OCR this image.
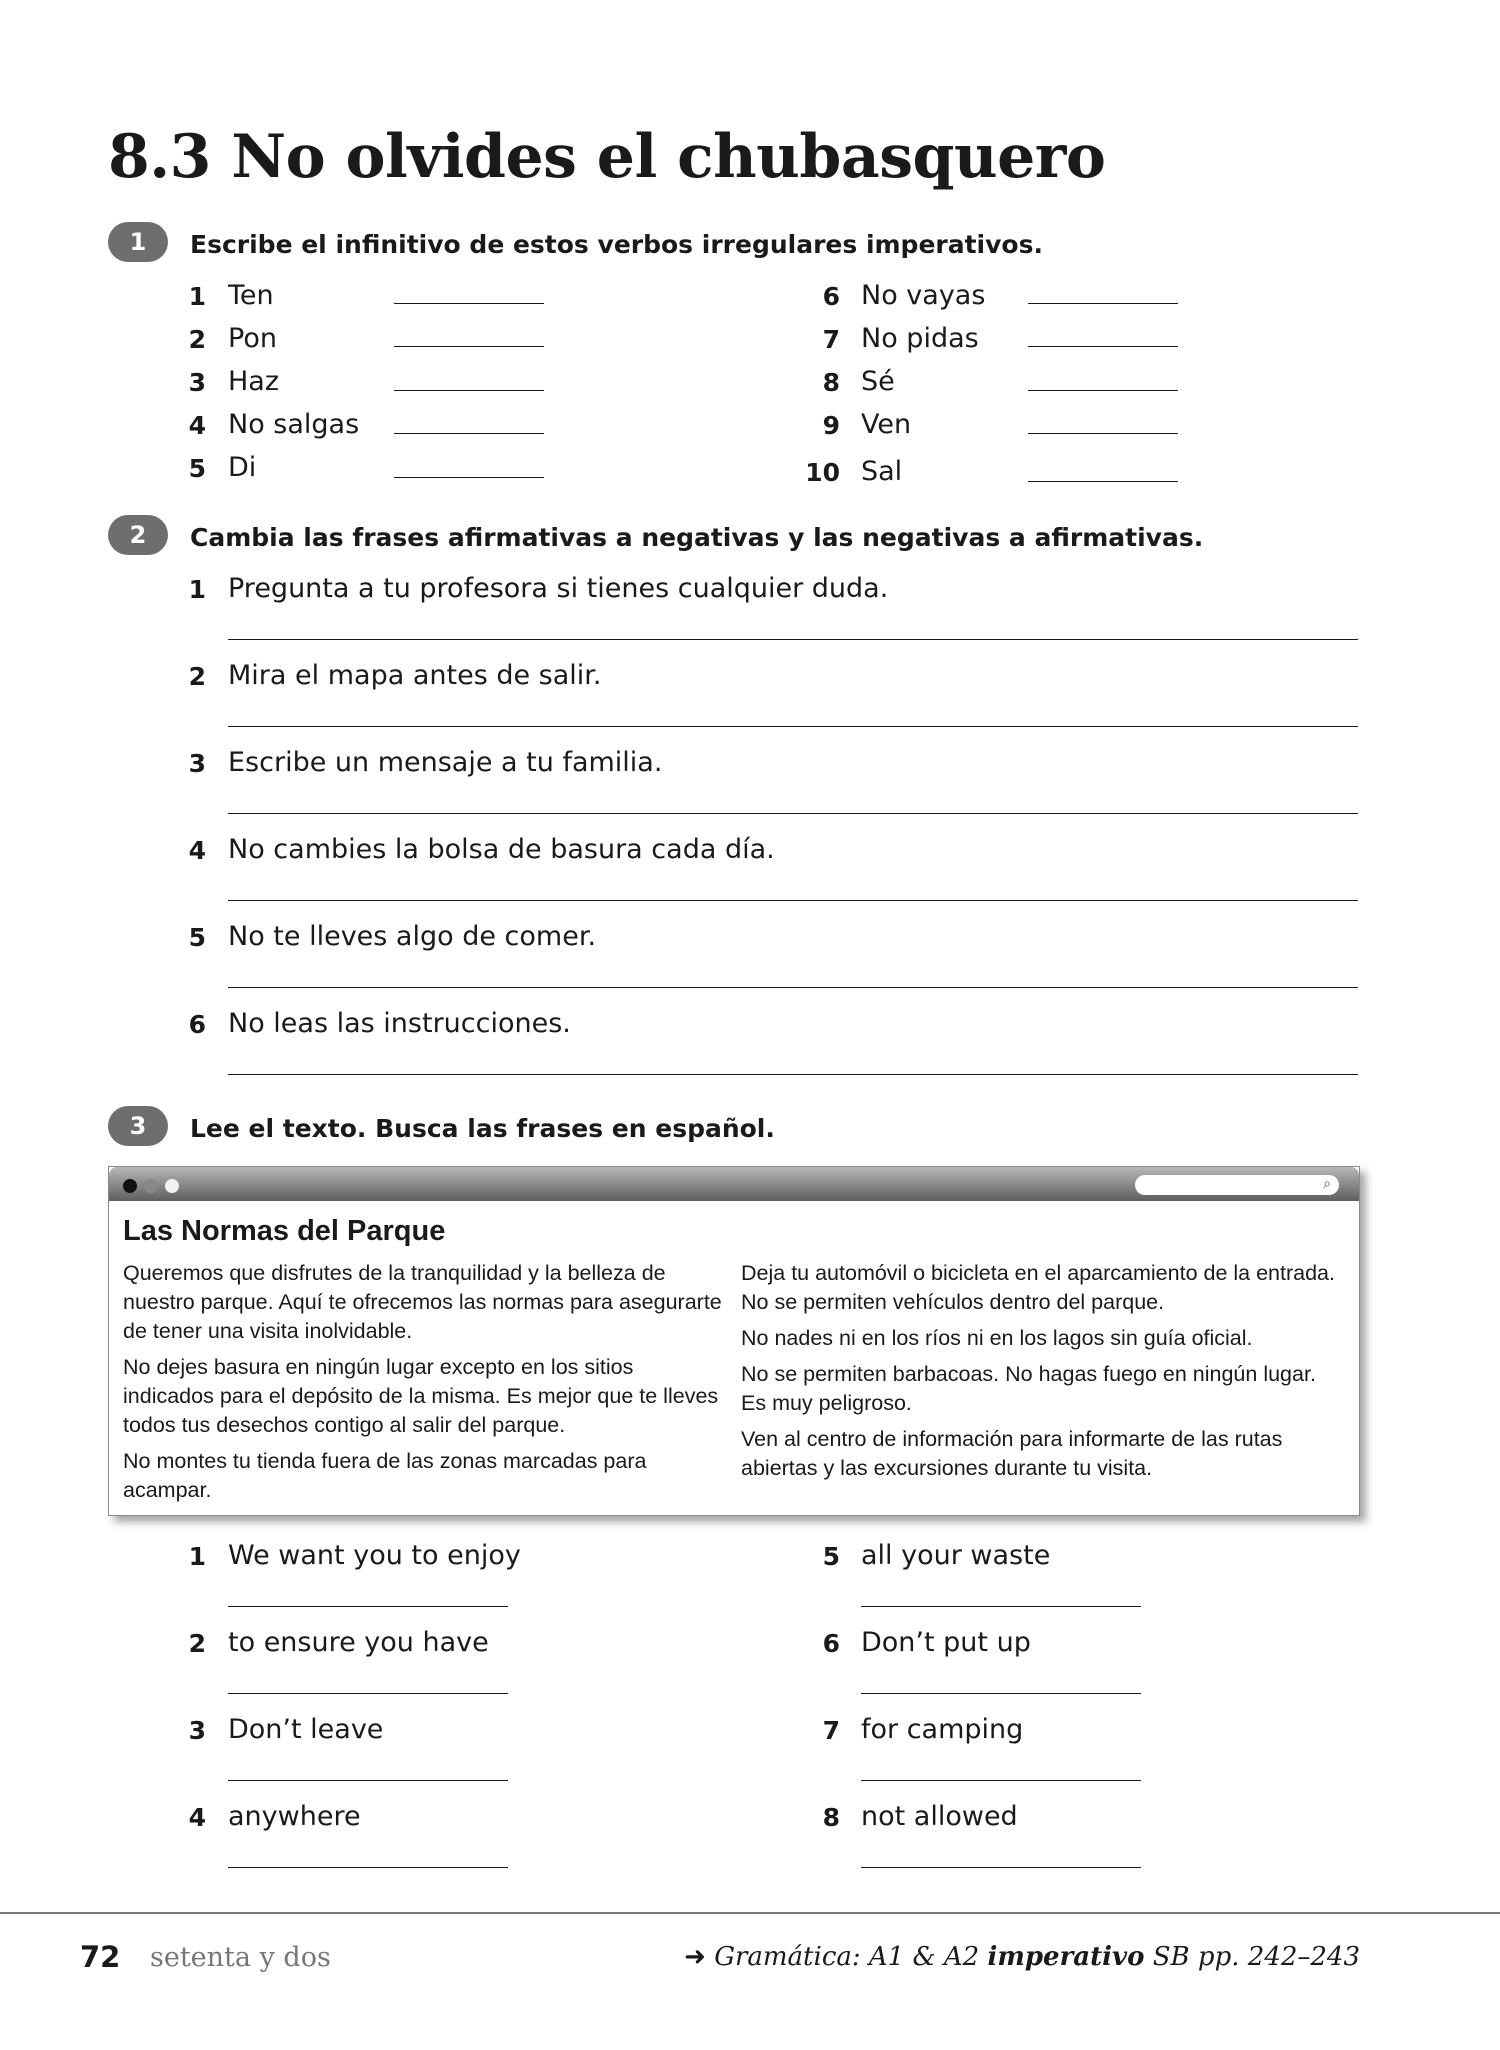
8.3 No olvides el chubasquero
1	Escribe el infinitivo de estos verbos irregulares imperativos.
1 Ten
2 Pon
3 Haz
4 No salgas
5 Di
6 No vayas
7 No pidas
8 Sé
9 Ven
10 Sal
2	Cambia las frases afirmativas a negativas y las negativas a afirmativas.
1 Pregunta a tu profesora si tienes cualquier duda.
2 Mira el mapa antes de salir.
3 Escribe un mensaje a tu familia.
4 No cambies la bolsa de basura cada día.
5 No te lleves algo de comer.
6 No leas las instrucciones.
3	Lee el texto. Busca las frases en español.
⌕
Las Normas del Parque

Queremos que disfrutes de la tranquilidad y la belleza de nuestro parque. Aquí te ofrecemos las normas para asegurarte de tener una visita inolvidable.

No dejes basura en ningún lugar excepto en los sitios indicados para el depósito de la misma. Es mejor que te lleves todos tus desechos contigo al salir del parque.

No montes tu tienda fuera de las zonas marcadas para acampar.

Deja tu automóvil o bicicleta en el aparcamiento de la entrada. No se permiten vehículos dentro del parque.

No nades ni en los ríos ni en los lagos sin guía oficial.

No se permiten barbacoas. No hagas fuego en ningún lugar. Es muy peligroso.

Ven al centro de información para informarte de las rutas abiertas y las excursiones durante tu visita.

1 We want you to enjoy
2 to ensure you have
3 Don’t leave
4 anywhere
5 all your waste
6 Don’t put up
7 for camping
8 not allowed
72 setenta y dos	➜ Gramática: A1 & A2 imperativo SB pp. 242–243
